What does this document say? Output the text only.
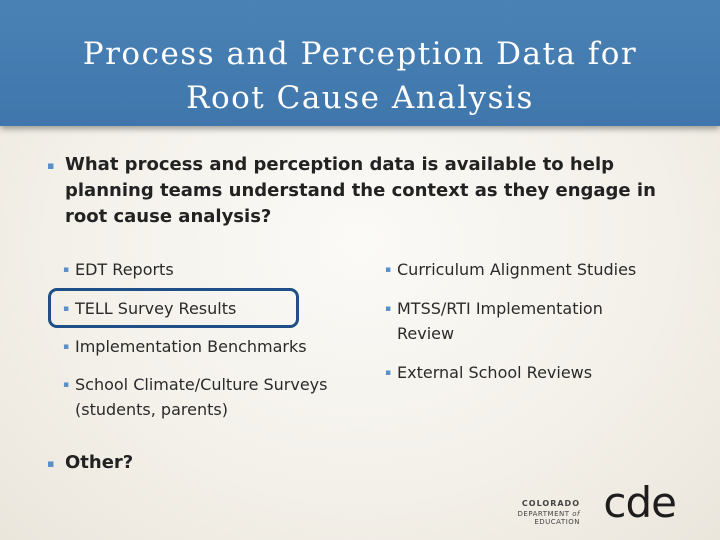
Process and Perception Data for
Root Cause Analysis
▪ What process and perception data is available to help planning teams understand the context as they engage in root cause analysis?
▪ EDT Reports
▪ TELL Survey Results
▪ Implementation Benchmarks
▪ School Climate/Culture Surveys (students, parents)
▪ Curriculum Alignment Studies
▪ MTSS/RTI Implementation Review
▪ External School Reviews
▪ Other?
COLORADO
DEPARTMENT of EDUCATION cde
